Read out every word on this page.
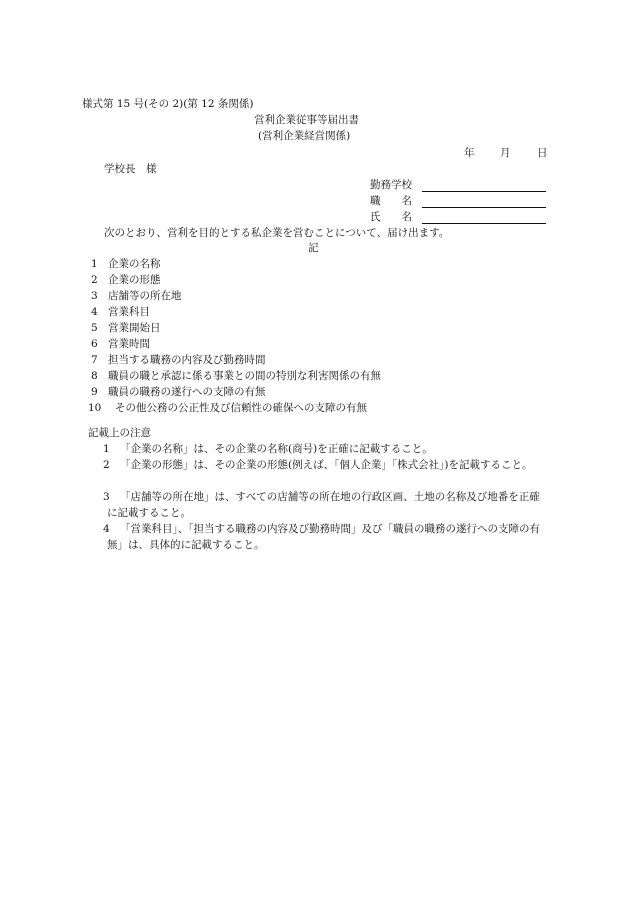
様式第 15 号(その 2)(第 12 条関係)
営利企業従事等届出書
(営利企業経営関係)
年 月	日
学校長　様
勤務学校
職　　名
氏　　名
次のとおり、営利を目的とする私企業を営むことについて、届け出ます。
記
1 企業の名称
2 企業の形態
3 店舗等の所在地
4 営業科目
5 営業開始日
6 営業時間
7 担当する職務の内容及び勤務時間
8 職員の職と承認に係る事業との間の特別な利害関係の有無
9 職員の職務の遂行への支障の有無
10 その他公務の公正性及び信頼性の確保への支障の有無
記載上の注意
1 「企業の名称」は、その企業の名称(商号)を正確に記載すること。
2 「企業の形態」は、その企業の形態(例えば、「個人企業」「株式会社」)を記載すること。
3 「店舗等の所在地」は、すべての店舗等の所在地の行政区画、土地の名称及び地番を正確に記載すること。
4 「営業科目」、「担当する職務の内容及び勤務時間」及び「職員の職務の遂行への支障の有無」は、具体的に記載すること。
